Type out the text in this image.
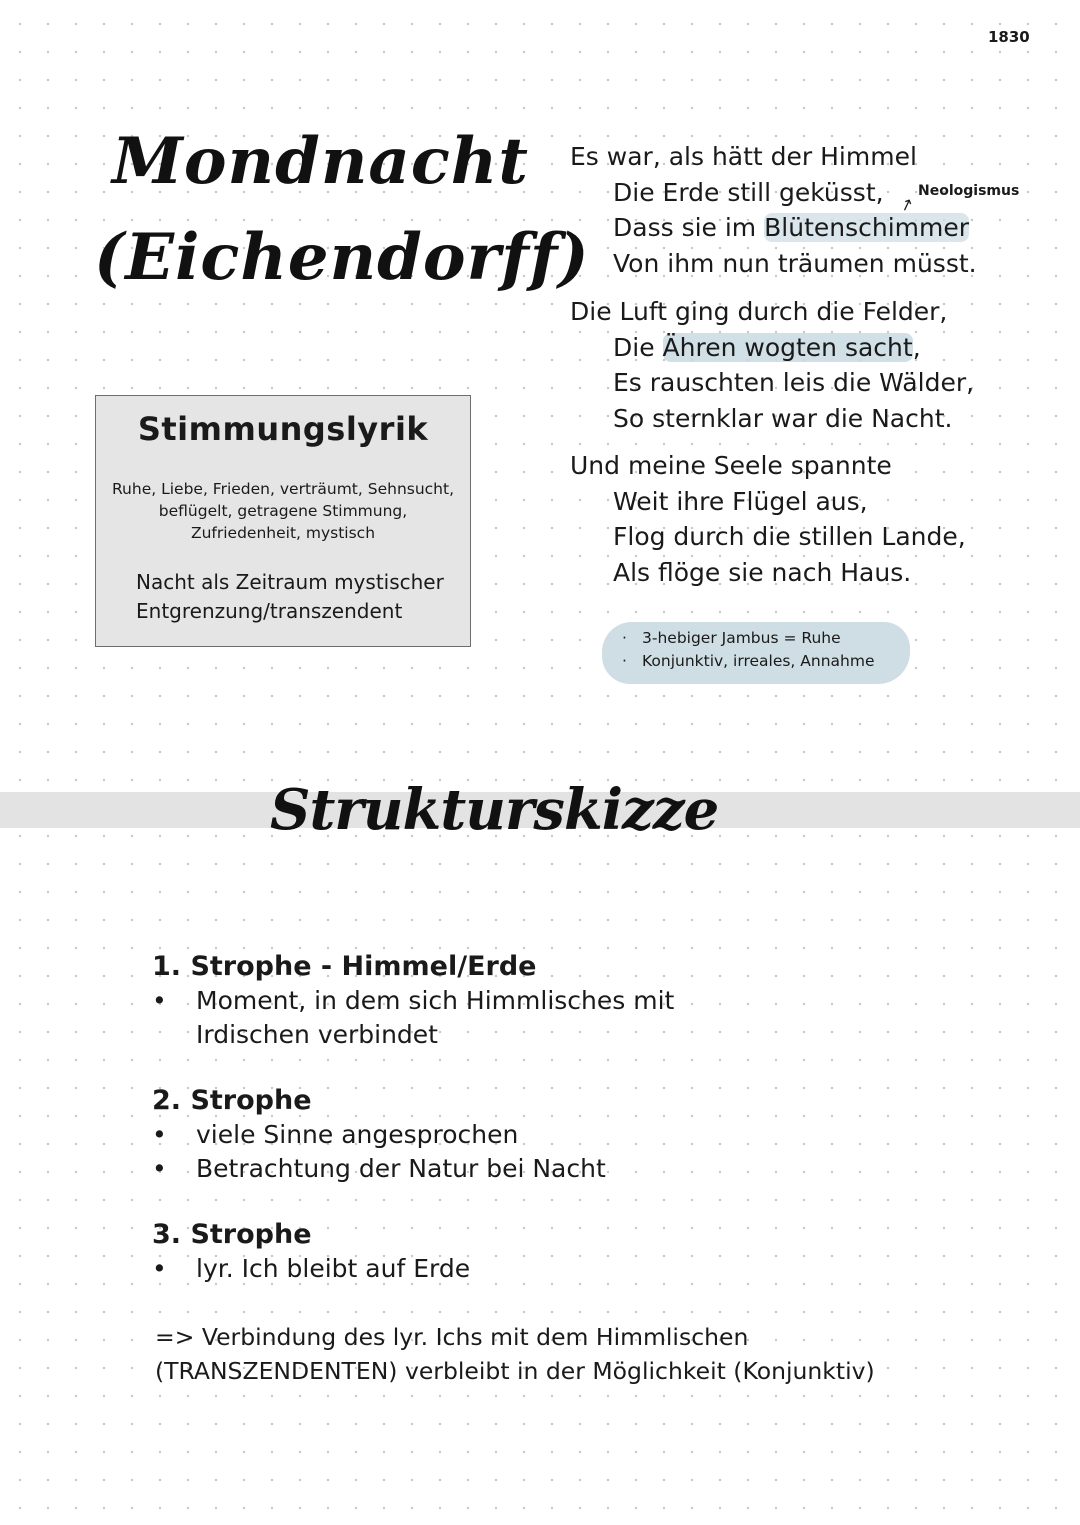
1830
Mondnacht
(Eichendorff)
Stimmungslyrik
Ruhe, Liebe, Frieden, verträumt, Sehnsucht,
beflügelt, getragene Stimmung,
Zufriedenheit, mystisch
Nacht als Zeitraum mystischer
Entgrenzung/transzendent
Es war, als hätt der Himmel
Die Erde still geküsst,
Dass sie im Blütenschimmer
Von ihm nun träumen müsst.
↗
Neologismus
Die Luft ging durch die Felder,
Die Ähren wogten sacht,
Es rauschten leis die Wälder,
So sternklar war die Nacht.
Und meine Seele spannte
Weit ihre Flügel aus,
Flog durch die stillen Lande,
Als flöge sie nach Haus.
· 3-hebiger Jambus = Ruhe
· Konjunktiv, irreales, Annahme
Strukturskizze
1. Strophe - Himmel/Erde
•	Moment, in dem sich Himmlisches mit
Irdischen verbindet
2. Strophe
•	viele Sinne angesprochen
•	Betrachtung der Natur bei Nacht
3. Strophe
•	lyr. Ich bleibt auf Erde
=> Verbindung des lyr. Ichs mit dem Himmlischen
(TRANSZENDENTEN) verbleibt in der Möglichkeit (Konjunktiv)
